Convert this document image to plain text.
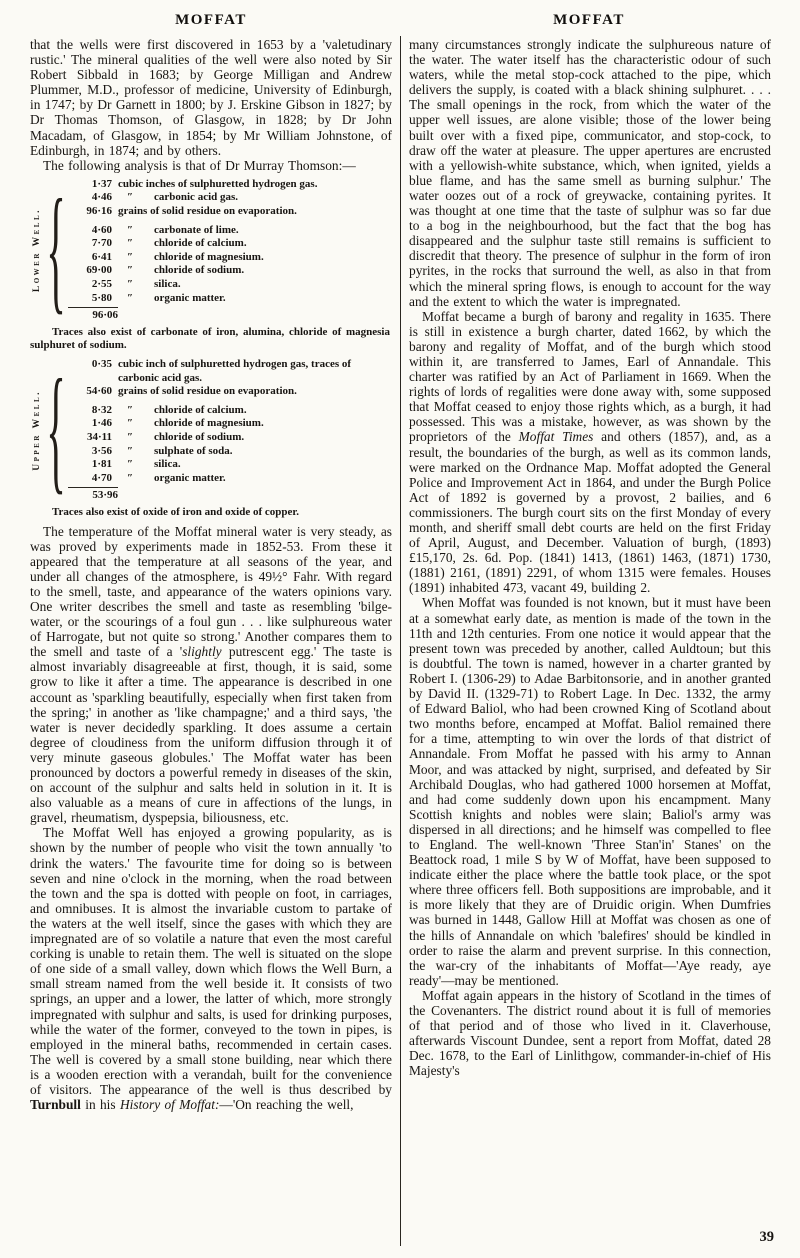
MOFFAT	MOFFAT

that the wells were first discovered in 1653 by a 'valetudinary rustic.' The mineral qualities of the well were also noted by Sir Robert Sibbald in 1683; by George Milligan and Andrew Plummer, M.D., professor of medicine, University of Edinburgh, in 1747; by Dr Garnett in 1800; by J. Erskine Gibson in 1827; by Dr Thomas Thomson, of Glasgow, in 1828; by Dr John Macadam, of Glasgow, in 1854; by Mr William Johnstone, of Edinburgh, in 1874; and by others.

The following analysis is that of Dr Murray Thomson:—

Lower Well. {	1·37 cubic inches of sulphuretted hydrogen gas.
4·46	″	carbonic acid gas.
96·16 grains of solid residue on evaporation.
4·60	″	carbonate of lime.
7·70	″	chloride of calcium.
6·41	″	chloride of magnesium.
69·00	″	chloride of sodium.
2·55	″	silica.
5·80	″	organic matter.
96·06
Traces also exist of carbonate of iron, alumina, chloride of magnesia sulphuret of sodium.
Upper Well. {	0·35 cubic inch of sulphuretted hydrogen gas, traces of carbonic acid gas.
54·60 grains of solid residue on evaporation.
8·32	″	chloride of calcium.
1·46	″	chloride of magnesium.
34·11	″	chloride of sodium.
3·56	″	sulphate of soda.
1·81	″	silica.
4·70	″	organic matter.
53·96
Traces also exist of oxide of iron and oxide of copper.

The temperature of the Moffat mineral water is very steady, as was proved by experiments made in 1852-53. From these it appeared that the temperature at all seasons of the year, and under all changes of the atmosphere, is 49½° Fahr. With regard to the smell, taste, and appearance of the waters opinions vary. One writer describes the smell and taste as resembling 'bilge-water, or the scourings of a foul gun . . . like sulphureous water of Harrogate, but not quite so strong.' Another compares them to the smell and taste of a 'slightly putrescent egg.' The taste is almost invariably disagreeable at first, though, it is said, some grow to like it after a time. The appearance is described in one account as 'sparkling beautifully, especially when first taken from the spring;' in another as 'like champagne;' and a third says, 'the water is never decidedly sparkling. It does assume a certain degree of cloudiness from the uniform diffusion through it of very minute gaseous globules.' The Moffat water has been pronounced by doctors a powerful remedy in diseases of the skin, on account of the sulphur and salts held in solution in it. It is also valuable as a means of cure in affections of the lungs, in gravel, rheumatism, dyspepsia, biliousness, etc.

The Moffat Well has enjoyed a growing popularity, as is shown by the number of people who visit the town annually 'to drink the waters.' The favourite time for doing so is between seven and nine o'clock in the morning, when the road between the town and the spa is dotted with people on foot, in carriages, and omnibuses. It is almost the invariable custom to partake of the waters at the well itself, since the gases with which they are impregnated are of so volatile a nature that even the most careful corking is unable to retain them. The well is situated on the slope of one side of a small valley, down which flows the Well Burn, a small stream named from the well beside it. It consists of two springs, an upper and a lower, the latter of which, more strongly impregnated with sulphur and salts, is used for drinking purposes, while the water of the former, conveyed to the town in pipes, is employed in the mineral baths, recommended in certain cases. The well is covered by a small stone building, near which there is a wooden erection with a verandah, built for the convenience of visitors. The appearance of the well is thus described by Turnbull in his History of Moffat:—'On reaching the well,

many circumstances strongly indicate the sulphureous nature of the water. The water itself has the characteristic odour of such waters, while the metal stop-cock attached to the pipe, which delivers the supply, is coated with a black shining sulphuret. . . . The small openings in the rock, from which the water of the upper well issues, are alone visible; those of the lower being built over with a fixed pipe, communicator, and stop-cock, to draw off the water at pleasure. The upper apertures are encrusted with a yellowish-white substance, which, when ignited, yields a blue flame, and has the same smell as burning sulphur.' The water oozes out of a rock of greywacke, containing pyrites. It was thought at one time that the taste of sulphur was so far due to a bog in the neighbourhood, but the fact that the bog has disappeared and the sulphur taste still remains is sufficient to discredit that theory. The presence of sulphur in the form of iron pyrites, in the rocks that surround the well, as also in that from which the mineral spring flows, is enough to account for the way and the extent to which the water is impregnated.

Moffat became a burgh of barony and regality in 1635. There is still in existence a burgh charter, dated 1662, by which the barony and regality of Moffat, and of the burgh which stood within it, are transferred to James, Earl of Annandale. This charter was ratified by an Act of Parliament in 1669. When the rights of lords of regalities were done away with, some supposed that Moffat ceased to enjoy those rights which, as a burgh, it had possessed. This was a mistake, however, as was shown by the proprietors of the Moffat Times and others (1857), and, as a result, the boundaries of the burgh, as well as its common lands, were marked on the Ordnance Map. Moffat adopted the General Police and Improvement Act in 1864, and under the Burgh Police Act of 1892 is governed by a provost, 2 bailies, and 6 commissioners. The burgh court sits on the first Monday of every month, and sheriff small debt courts are held on the first Friday of April, August, and December. Valuation of burgh, (1893) £15,170, 2s. 6d. Pop. (1841) 1413, (1861) 1463, (1871) 1730, (1881) 2161, (1891) 2291, of whom 1315 were females. Houses (1891) inhabited 473, vacant 49, building 2.

When Moffat was founded is not known, but it must have been at a somewhat early date, as mention is made of the town in the 11th and 12th centuries. From one notice it would appear that the present town was preceded by another, called Auldtoun; but this is doubtful. The town is named, however in a charter granted by Robert I. (1306-29) to Adae Barbitonsorie, and in another granted by David II. (1329-71) to Robert Lage. In Dec. 1332, the army of Edward Baliol, who had been crowned King of Scotland about two months before, encamped at Moffat. Baliol remained there for a time, attempting to win over the lords of that district of Annandale. From Moffat he passed with his army to Annan Moor, and was attacked by night, surprised, and defeated by Sir Archibald Douglas, who had gathered 1000 horsemen at Moffat, and had come suddenly down upon his encampment. Many Scottish knights and nobles were slain; Baliol's army was dispersed in all directions; and he himself was compelled to flee to England. The well-known 'Three Stan'in' Stanes' on the Beattock road, 1 mile S by W of Moffat, have been supposed to indicate either the place where the battle took place, or the spot where three officers fell. Both suppositions are improbable, and it is more likely that they are of Druidic origin. When Dumfries was burned in 1448, Gallow Hill at Moffat was chosen as one of the hills of Annandale on which 'balefires' should be kindled in order to raise the alarm and prevent surprise. In this connection, the war-cry of the inhabitants of Moffat—'Aye ready, aye ready'—may be mentioned.

Moffat again appears in the history of Scotland in the times of the Covenanters. The district round about it is full of memories of that period and of those who lived in it. Claverhouse, afterwards Viscount Dundee, sent a report from Moffat, dated 28 Dec. 1678, to the Earl of Linlithgow, commander-in-chief of His Majesty's

39
